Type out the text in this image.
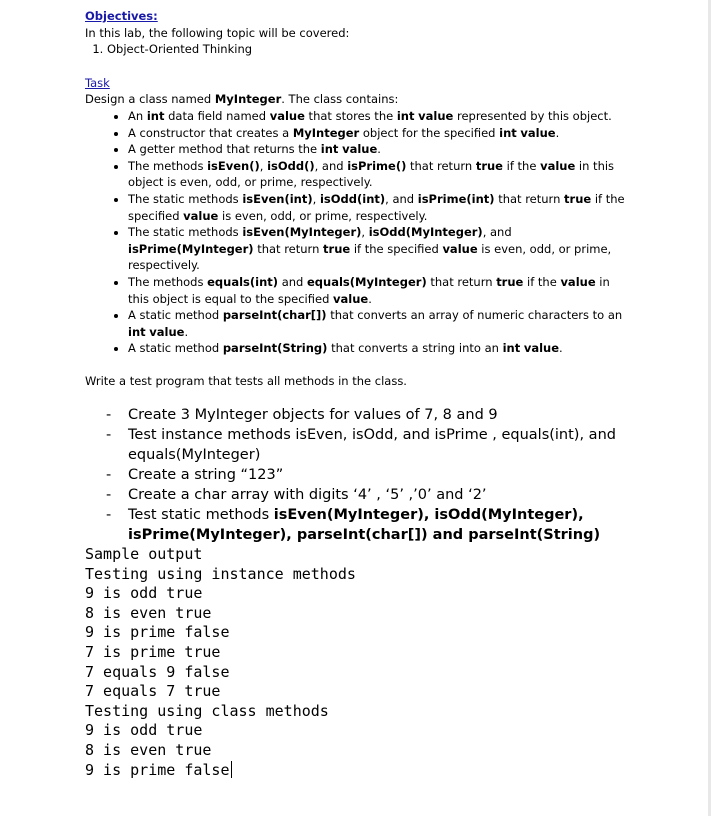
Objectives:
In this lab, the following topic will be covered:
1. Object-Oriented Thinking
Task
Design a class named MyInteger. The class contains:
• An int data field named value that stores the int value represented by this object.
• A constructor that creates a MyInteger object for the specified int value.
• A getter method that returns the int value.
• The methods isEven(), isOdd(), and isPrime() that return true if the value in this object is even, odd, or prime, respectively.
• The static methods isEven(int), isOdd(int), and isPrime(int) that return true if the specified value is even, odd, or prime, respectively.
• The static methods isEven(MyInteger), isOdd(MyInteger), and isPrime(MyInteger) that return true if the specified value is even, odd, or prime, respectively.
• The methods equals(int) and equals(MyInteger) that return true if the value in this object is equal to the specified value.
• A static method parseInt(char[]) that converts an array of numeric characters to an int value.
• A static method parseInt(String) that converts a string into an int value.
Write a test program that tests all methods in the class.
- Create 3 MyInteger objects for values of 7, 8 and 9
- Test instance methods isEven, isOdd, and isPrime , equals(int), and equals(MyInteger)
- Create a string “123”
- Create a char array with digits ‘4’ , ‘5’ ,’0’ and ‘2’
- Test static methods isEven(MyInteger), isOdd(MyInteger), isPrime(MyInteger), parseInt(char[]) and parseInt(String)
Sample output
Testing using instance methods
9 is odd true
8 is even true
9 is prime false
7 is prime true
7 equals 9 false
7 equals 7 true
Testing using class methods
9 is odd true
8 is even true
9 is prime false
